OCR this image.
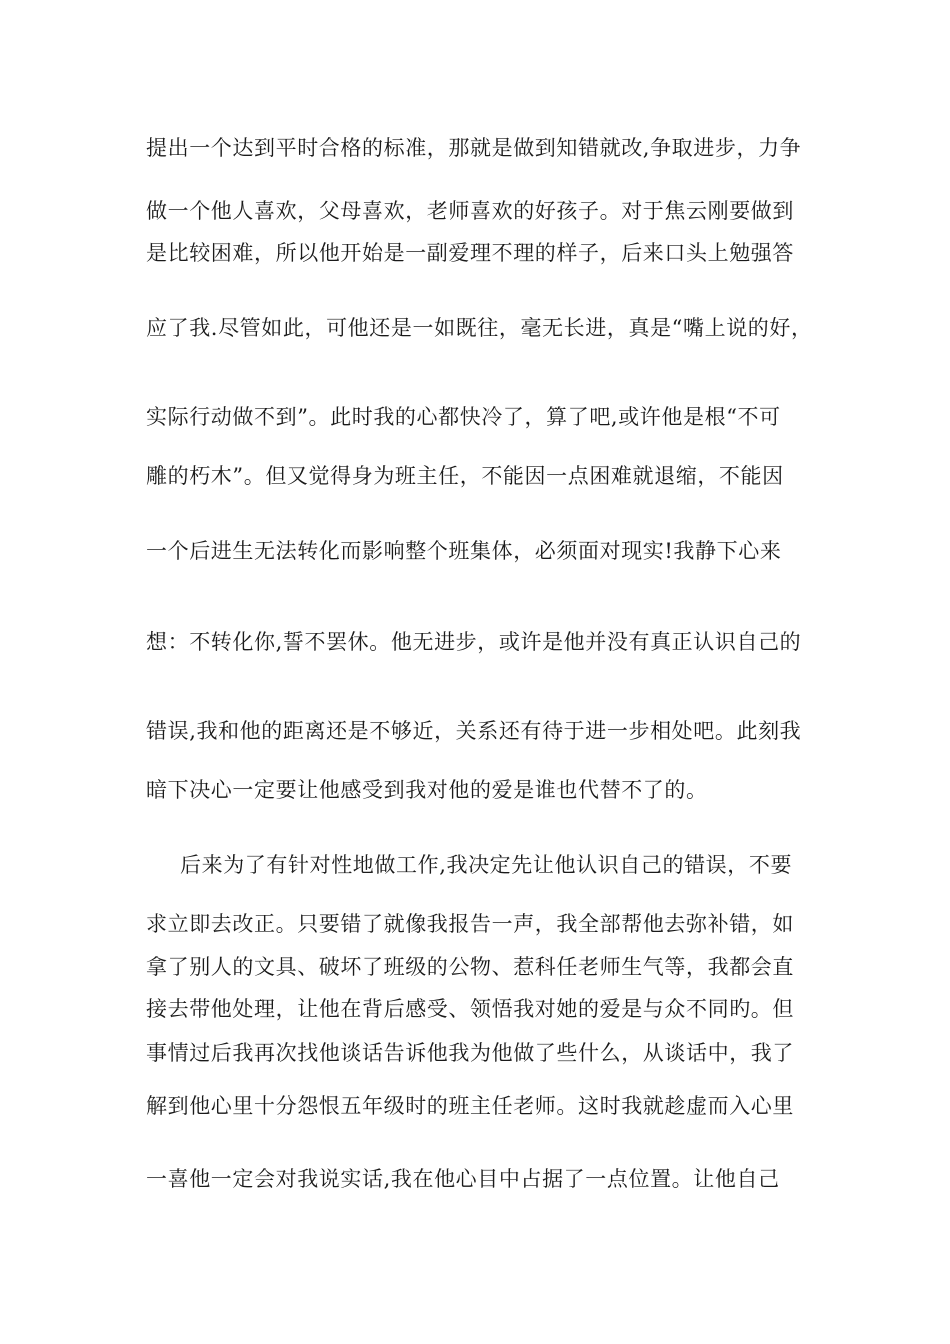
提出一个达到平时合格的标准，那就是做到知错就改,争取进步，力争
做一个他人喜欢，父母喜欢，老师喜欢的好孩子。对于焦云刚要做到
是比较困难，所以他开始是一副爱理不理的样子，后来口头上勉强答
应了我.尽管如此，可他还是一如既往，毫无长进，真是“嘴上说的好，
实际行动做不到”。此时我的心都快冷了，算了吧,或许他是根“不可
雕的朽木”。但又觉得身为班主任，不能因一点困难就退缩，不能因
一个后进生无法转化而影响整个班集体，必须面对现实!我静下心来
想：不转化你,誓不罢休。他无进步，或许是他并没有真正认识自己的
错误,我和他的距离还是不够近，关系还有待于进一步相处吧。此刻我
暗下决心一定要让他感受到我对他的爱是谁也代替不了的。
后来为了有针对性地做工作,我决定先让他认识自己的错误，不要
求立即去改正。只要错了就像我报告一声，我全部帮他去弥补错，如
拿了别人的文具、破坏了班级的公物、惹科任老师生气等，我都会直
接去带他处理，让他在背后感受、领悟我对她的爱是与众不同旳。但
事情过后我再次找他谈话告诉他我为他做了些什么，从谈话中，我了
解到他心里十分怨恨五年级时的班主任老师。这时我就趁虚而入心里
一喜他一定会对我说实话,我在他心目中占据了一点位置。让他自己
